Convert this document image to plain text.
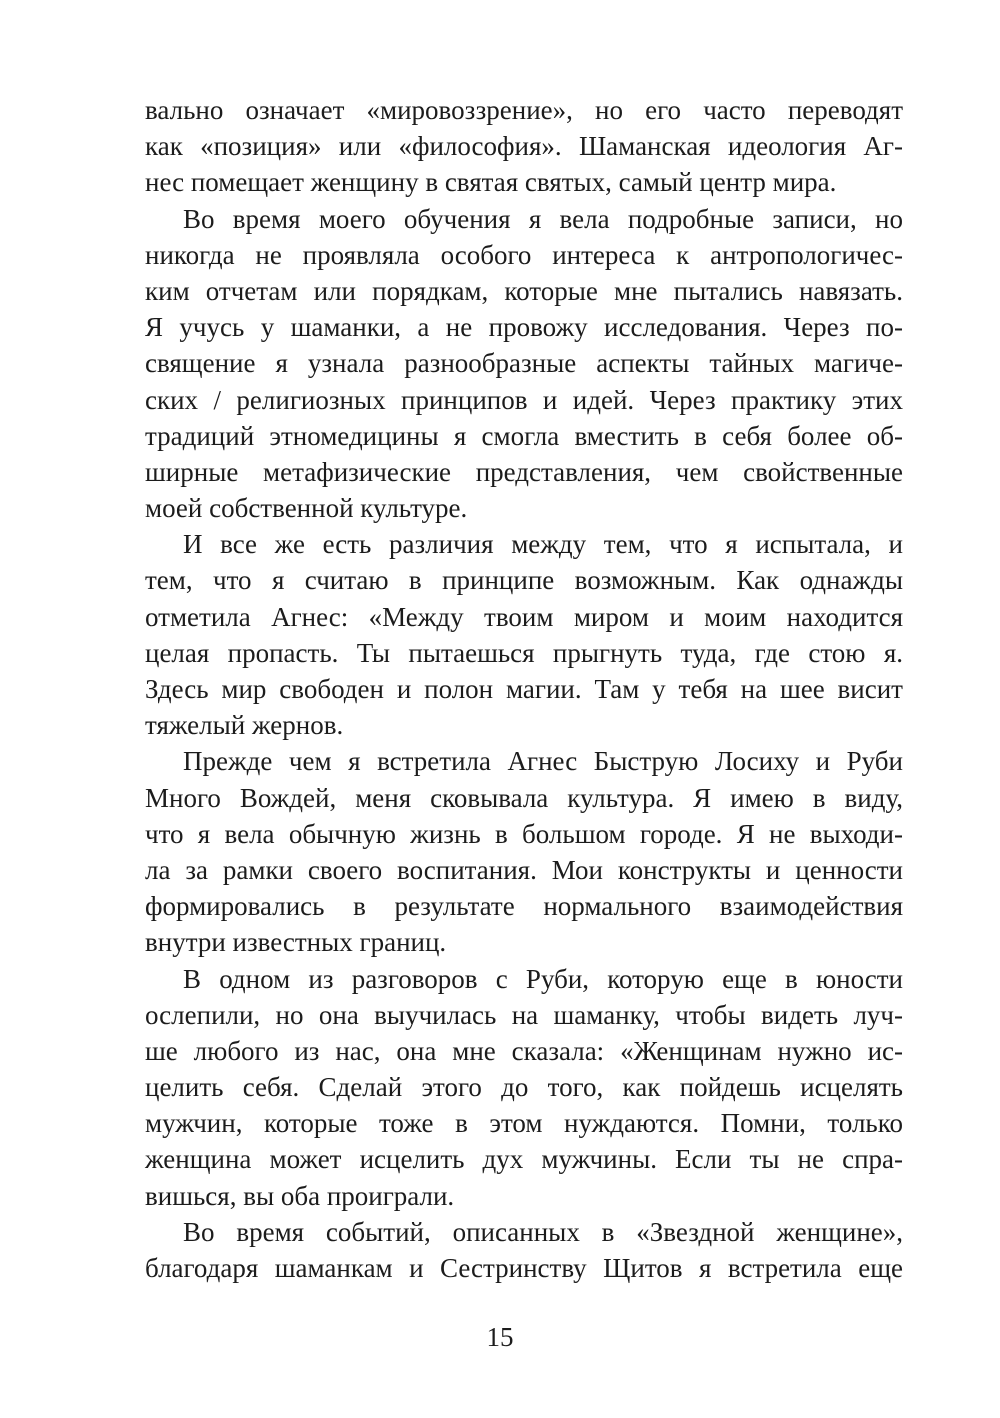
вально означает «мировоззрение», но его часто переводят
как «позиция» или «философия». Шаманская идеология Аг-
нес помещает женщину в святая святых, самый центр мира.
Во время моего обучения я вела подробные записи, но
никогда не проявляла особого интереса к антропологичес-
ким отчетам или порядкам, которые мне пытались навязать.
Я учусь у шаманки, а не провожу исследования. Через по-
священие я узнала разнообразные аспекты тайных магиче-
ских / религиозных принципов и идей. Через практику этих
традиций этномедицины я смогла вместить в себя более об-
ширные метафизические представления, чем свойственные
моей собственной культуре.
И все же есть различия между тем, что я испытала, и
тем, что я считаю в принципе возможным. Как однажды
отметила Агнес: «Между твоим миром и моим находится
целая пропасть. Ты пытаешься прыгнуть туда, где стою я.
Здесь мир свободен и полон магии. Там у тебя на шее висит
тяжелый жернов.
Прежде чем я встретила Агнес Быструю Лосиху и Руби
Много Вождей, меня сковывала культура. Я имею в виду,
что я вела обычную жизнь в большом городе. Я не выходи-
ла за рамки своего воспитания. Мои конструкты и ценности
формировались в результате нормального взаимодействия
внутри известных границ.
В одном из разговоров с Руби, которую еще в юности
ослепили, но она выучилась на шаманку, чтобы видеть луч-
ше любого из нас, она мне сказала: «Женщинам нужно ис-
целить себя. Сделай этого до того, как пойдешь исцелять
мужчин, которые тоже в этом нуждаются. Помни, только
женщина может исцелить дух мужчины. Если ты не спра-
вишься, вы оба проиграли.
Во время событий, описанных в «Звездной женщине»,
благодаря шаманкам и Сестринству Щитов я встретила еще
15
